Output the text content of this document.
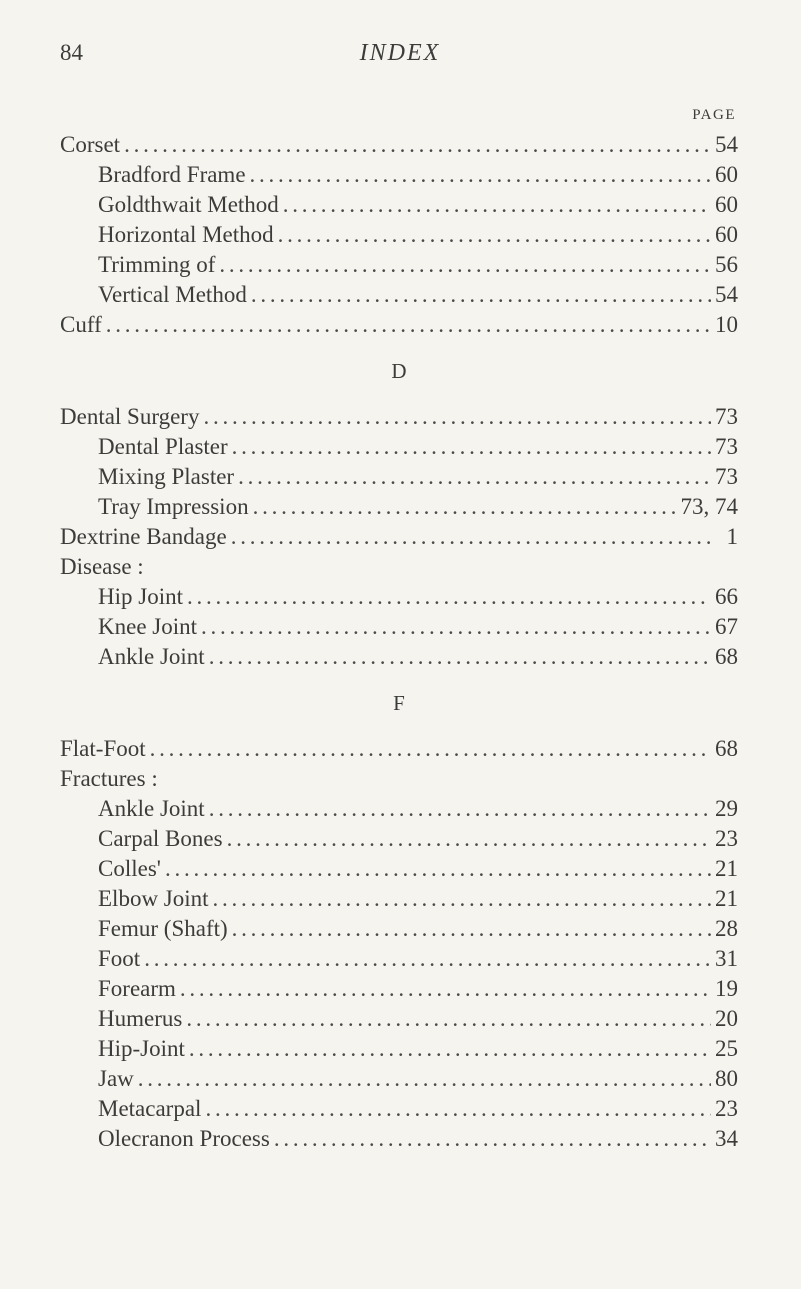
84	INDEX
PAGE
Corset . . .	54
Bradford Frame . . .	60
Goldthwait Method . . .	60
Horizontal Method . . .	60
Trimming of . . .	56
Vertical Method . . .	54
Cuff . . .	10
D
Dental Surgery . . .	73
Dental Plaster . . .	73
Mixing Plaster . . .	73
Tray Impression . . .	73, 74
Dextrine Bandage . . .	1
Disease :
Hip Joint . . .	66
Knee Joint . . .	67
Ankle Joint . . .	68
F
Flat-Foot . . .	68
Fractures :
Ankle Joint . . .	29
Carpal Bones . . .	23
Colles' . . .	21
Elbow Joint . . .	21
Femur (Shaft) . . .	28
Foot . . .	31
Forearm . . .	19
Humerus . . .	20
Hip-Joint . . .	25
Jaw . . .	80
Metacarpal . . .	23
Olecranon Process . . .	34
